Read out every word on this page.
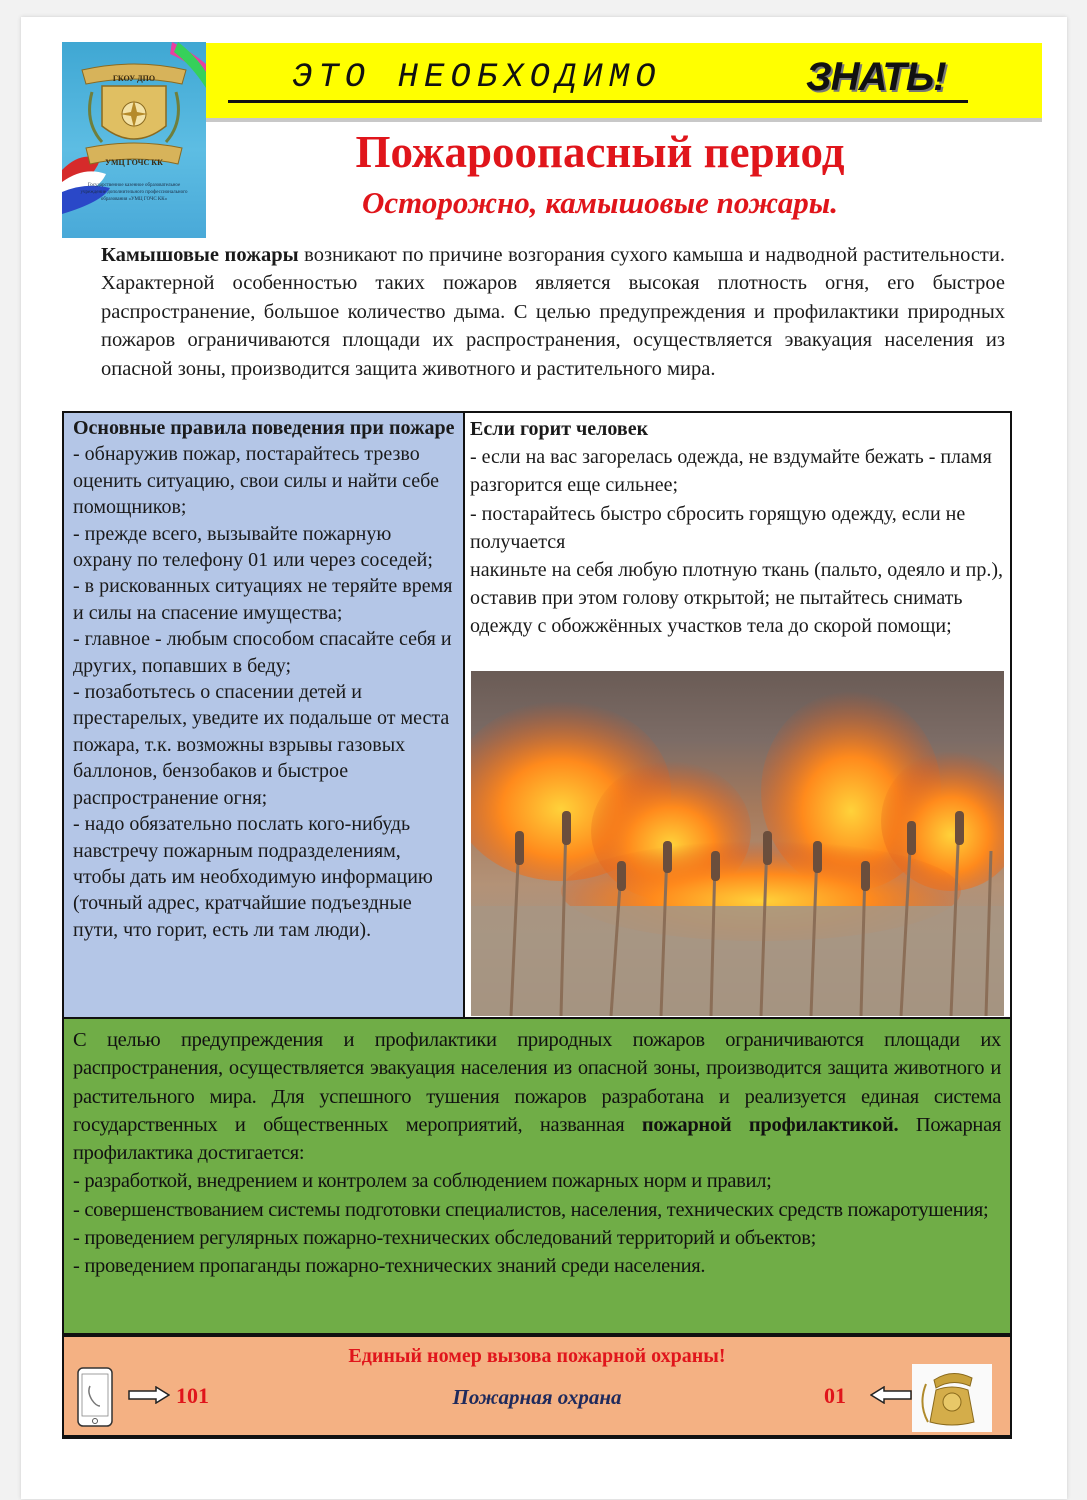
ГКОУ ДПО
УМЦ ГОЧС КК
Государственное казенное образовательное учреждение дополнительного профессионального образования «УМЦ ГОЧС КК»
ЭТО НЕОБХОДИМО	ЗНАТЬ!
Пожароопасный период
Осторожно, камышовые пожары.
Камышовые пожары возникают по причине возгорания сухого камыша и надводной растительности. Характерной особенностью таких пожаров является высокая плотность огня, его быстрое распространение, большое количество дыма. С целью предупреждения и профилактики природных пожаров ограничиваются площади их распространения, осуществляется эвакуация населения из опасной зоны, производится защита животного и растительного мира.
Основные правила поведения при пожаре
- обнаружив пожар, постарайтесь трезво оценить ситуацию, свои силы и найти себе помощников;
- прежде всего, вызывайте пожарную охрану по телефону 01 или через соседей;
- в рискованных ситуациях не теряйте время и силы на спасение имущества;
- главное - любым способом спасайте себя и других, попавших в беду;
- позаботьтесь о спасении детей и престарелых, уведите их подальше от места пожара, т.к. возможны взрывы газовых баллонов, бензобаков и быстрое распространение огня;
- надо обязательно послать кого-нибудь навстречу пожарным подразделениям, чтобы дать им необходимую информацию (точный адрес, кратчайшие подъездные пути, что горит, есть ли там люди).
Если горит человек
- если на вас загорелась одежда, не вздумайте бежать - пламя разгорится еще сильнее;
- постарайтесь быстро сбросить горящую одежду, если не получается
накиньте на себя любую плотную ткань (пальто, одеяло и пр.), оставив при этом голову открытой; не пытайтесь снимать одежду с обожжённых участков тела до скорой помощи;

С целью предупреждения и профилактики природных пожаров ограничиваются площади их распространения, осуществляется эвакуация населения из опасной зоны, производится защита животного и растительного мира. Для успешного тушения пожаров разработана и реализуется единая система государственных и общественных мероприятий, названная пожарной профилактикой. Пожарная профилактика достигается:

- разработкой, внедрением и контролем за соблюдением пожарных норм и правил;

- совершенствованием системы подготовки специалистов, населения, технических средств пожаротушения;

- проведением регулярных пожарно-технических обследований территорий и объектов;

- проведением пропаганды пожарно-технических знаний среди населения.

Единый номер вызова пожарной охраны!
101	Пожарная охрана	01
